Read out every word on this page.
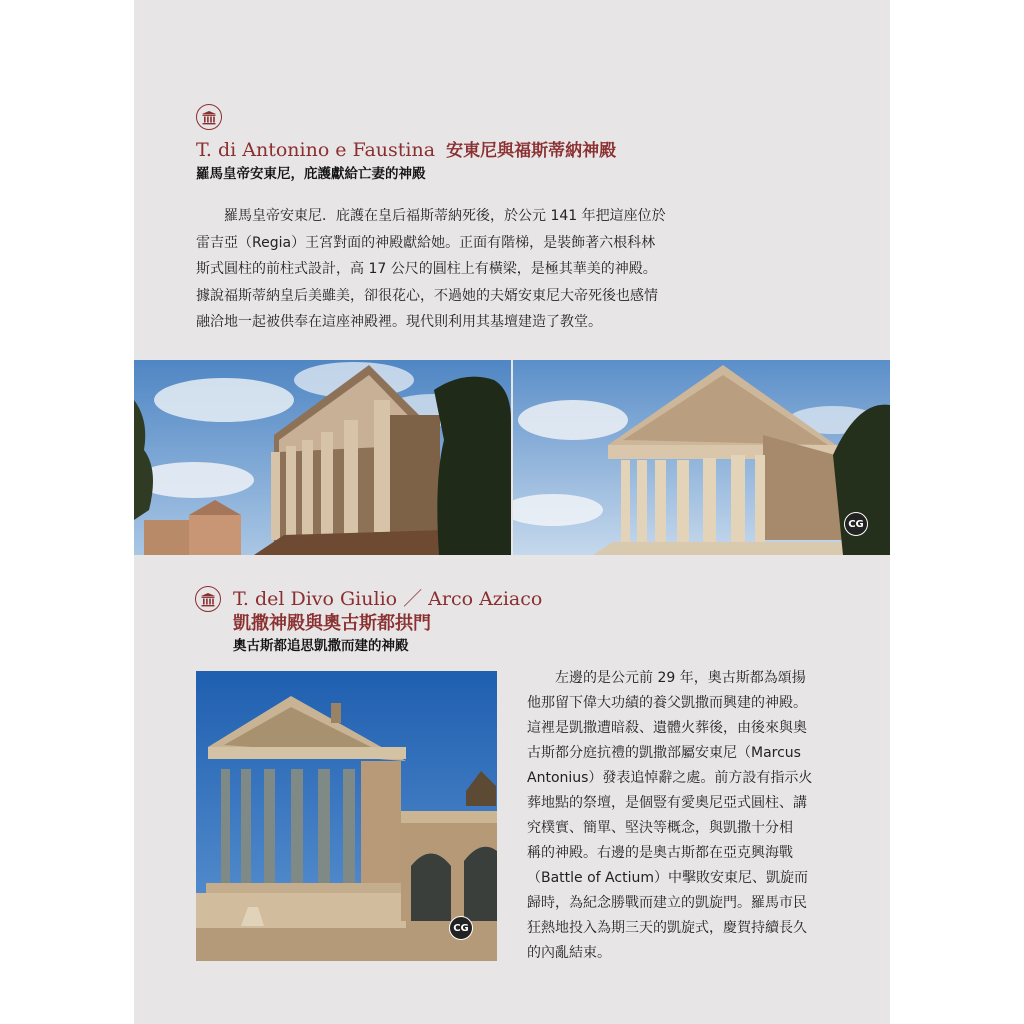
T. di Antonino e Faustina 安東尼與福斯蒂納神殿
羅馬皇帝安東尼，庇護獻給亡妻的神殿
　　羅馬皇帝安東尼．庇護在皇后福斯蒂納死後，於公元 141 年把這座位於
雷吉亞（Regia）王宮對面的神殿獻給她。正面有階梯，是裝飾著六根科林
斯式圓柱的前柱式設計，高 17 公尺的圓柱上有橫梁，是極其華美的神殿。
據說福斯蒂納皇后美雖美，卻很花心，不過她的夫婿安東尼大帝死後也感情
融洽地一起被供奉在這座神殿裡。現代則利用其基壇建造了教堂。
CG
T. del Divo Giulio ／ Arco Aziaco
凱撒神殿與奧古斯都拱門
奧古斯都追思凱撒而建的神殿
CG
　　左邊的是公元前 29 年，奧古斯都為頌揚
他那留下偉大功績的養父凱撒而興建的神殿。
這裡是凱撒遭暗殺、遺體火葬後，由後來與奧
古斯都分庭抗禮的凱撒部屬安東尼（Marcus
Antonius）發表追悼辭之處。前方設有指示火
葬地點的祭壇，是個豎有愛奧尼亞式圓柱、講
究樸實、簡單、堅決等概念，與凱撒十分相
稱的神殿。右邊的是奧古斯都在亞克興海戰
（Battle of Actium）中擊敗安東尼、凱旋而
歸時，為紀念勝戰而建立的凱旋門。羅馬市民
狂熱地投入為期三天的凱旋式，慶賀持續長久
的內亂結束。
